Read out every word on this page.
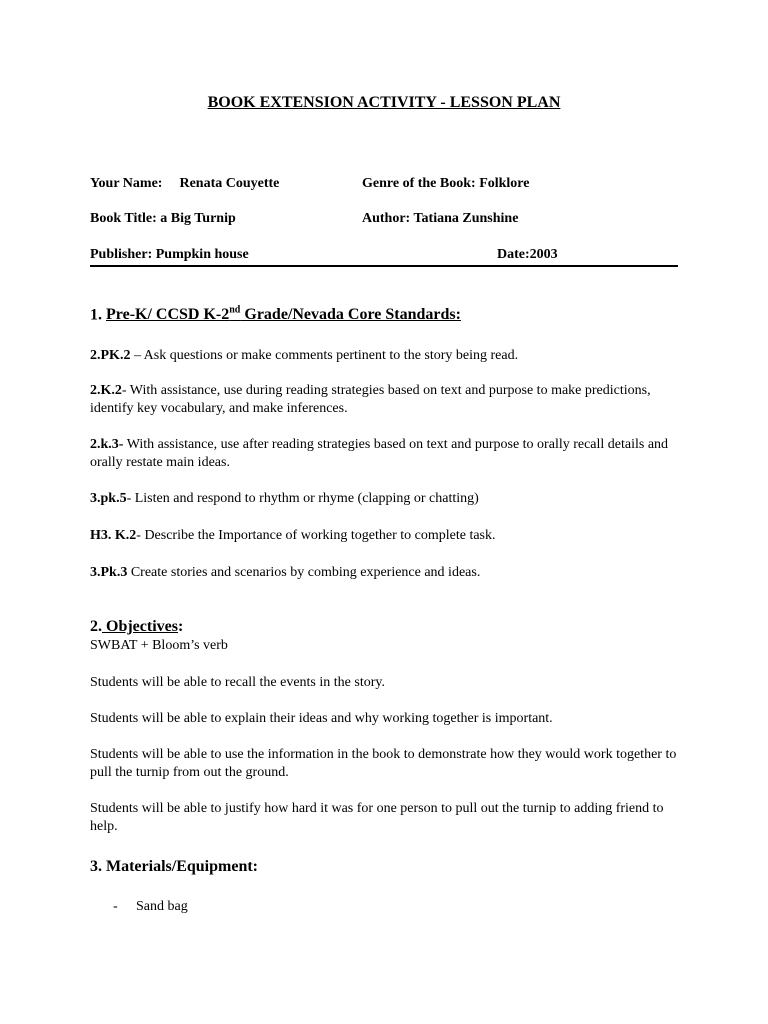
BOOK EXTENSION ACTIVITY - LESSON PLAN
Your Name: Renata Couyette	Genre of the Book: Folklore
Book Title: a Big Turnip	Author: Tatiana Zunshine
Publisher: Pumpkin house	Date:2003
1. Pre-K/ CCSD K-2nd Grade/Nevada Core Standards:
2.PK.2 – Ask questions or make comments pertinent to the story being read.
2.K.2- With assistance, use during reading strategies based on text and purpose to make predictions, identify key vocabulary, and make inferences.
2.k.3- With assistance, use after reading strategies based on text and purpose to orally recall details and orally restate main ideas.
3.pk.5- Listen and respond to rhythm or rhyme (clapping or chatting)
H3. K.2- Describe the Importance of working together to complete task.
3.Pk.3 Create stories and scenarios by combing experience and ideas.
2. Objectives:
SWBAT + Bloom’s verb
Students will be able to recall the events in the story.
Students will be able to explain their ideas and why working together is important.
Students will be able to use the information in the book to demonstrate how they would work together to pull the turnip from out the ground.
Students will be able to justify how hard it was for one person to pull out the turnip to adding friend to help.
3. Materials/Equipment:
- Sand bag
